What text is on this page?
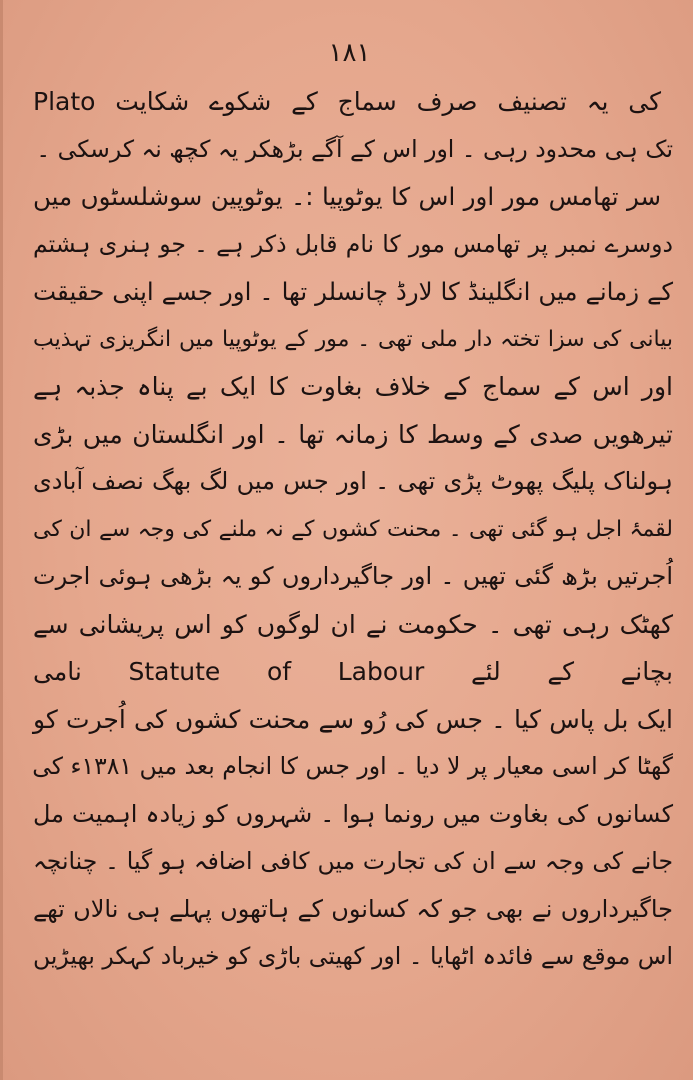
۱۸۱
Plato کی یہ تصنیف صرف سماج کے شکوے شکایت
تک ہی محدود رہی ۔ اور اس کے آگے بڑھکر یہ کچھ نہ کرسکی ۔
سر تھامس مور اور اس کا یوٹوپیا :۔ یوٹوپین سوشلسٹوں میں
دوسرے نمبر پر تھامس مور کا نام قابل ذکر ہے ۔ جو ہنری ہشتم
کے زمانے میں انگلینڈ کا لارڈ چانسلر تھا ۔ اور جسے اپنی حقیقت
بیانی کی سزا تختہ دار ملی تھی ۔ مور کے یوٹوپیا میں انگریزی تہذیب
اور اس کے سماج کے خلاف بغاوت کا ایک بے پناہ جذبہ ہے
تیرھویں صدی کے وسط کا زمانہ تھا ۔ اور انگلستان میں بڑی
ہولناک پلیگ پھوٹ پڑی تھی ۔ اور جس میں لگ بھگ نصف آبادی
لقمۂ اجل ہو گئی تھی ۔ محنت کشوں کے نہ ملنے کی وجہ سے ان کی
اُجرتیں بڑھ گئی تھیں ۔ اور جاگیرداروں کو یہ بڑھی ہوئی اجرت
کھٹک رہی تھی ۔ حکومت نے ان لوگوں کو اس پریشانی سے
بچانے کے لئے Statute of Labour نامی
ایک بل پاس کیا ۔ جس کی رُو سے محنت کشوں کی اُجرت کو
گھٹا کر اسی معیار پر لا دیا ۔ اور جس کا انجام بعد میں ۱۳۸۱ء کی
کسانوں کی بغاوت میں رونما ہوا ۔ شہروں کو زیادہ اہمیت مل
جانے کی وجہ سے ان کی تجارت میں کافی اضافہ ہو گیا ۔ چنانچہ
جاگیرداروں نے بھی جو کہ کسانوں کے ہاتھوں پہلے ہی نالاں تھے
اس موقع سے فائدہ اٹھایا ۔ اور کھیتی باڑی کو خیرباد کہکر بھیڑیں
